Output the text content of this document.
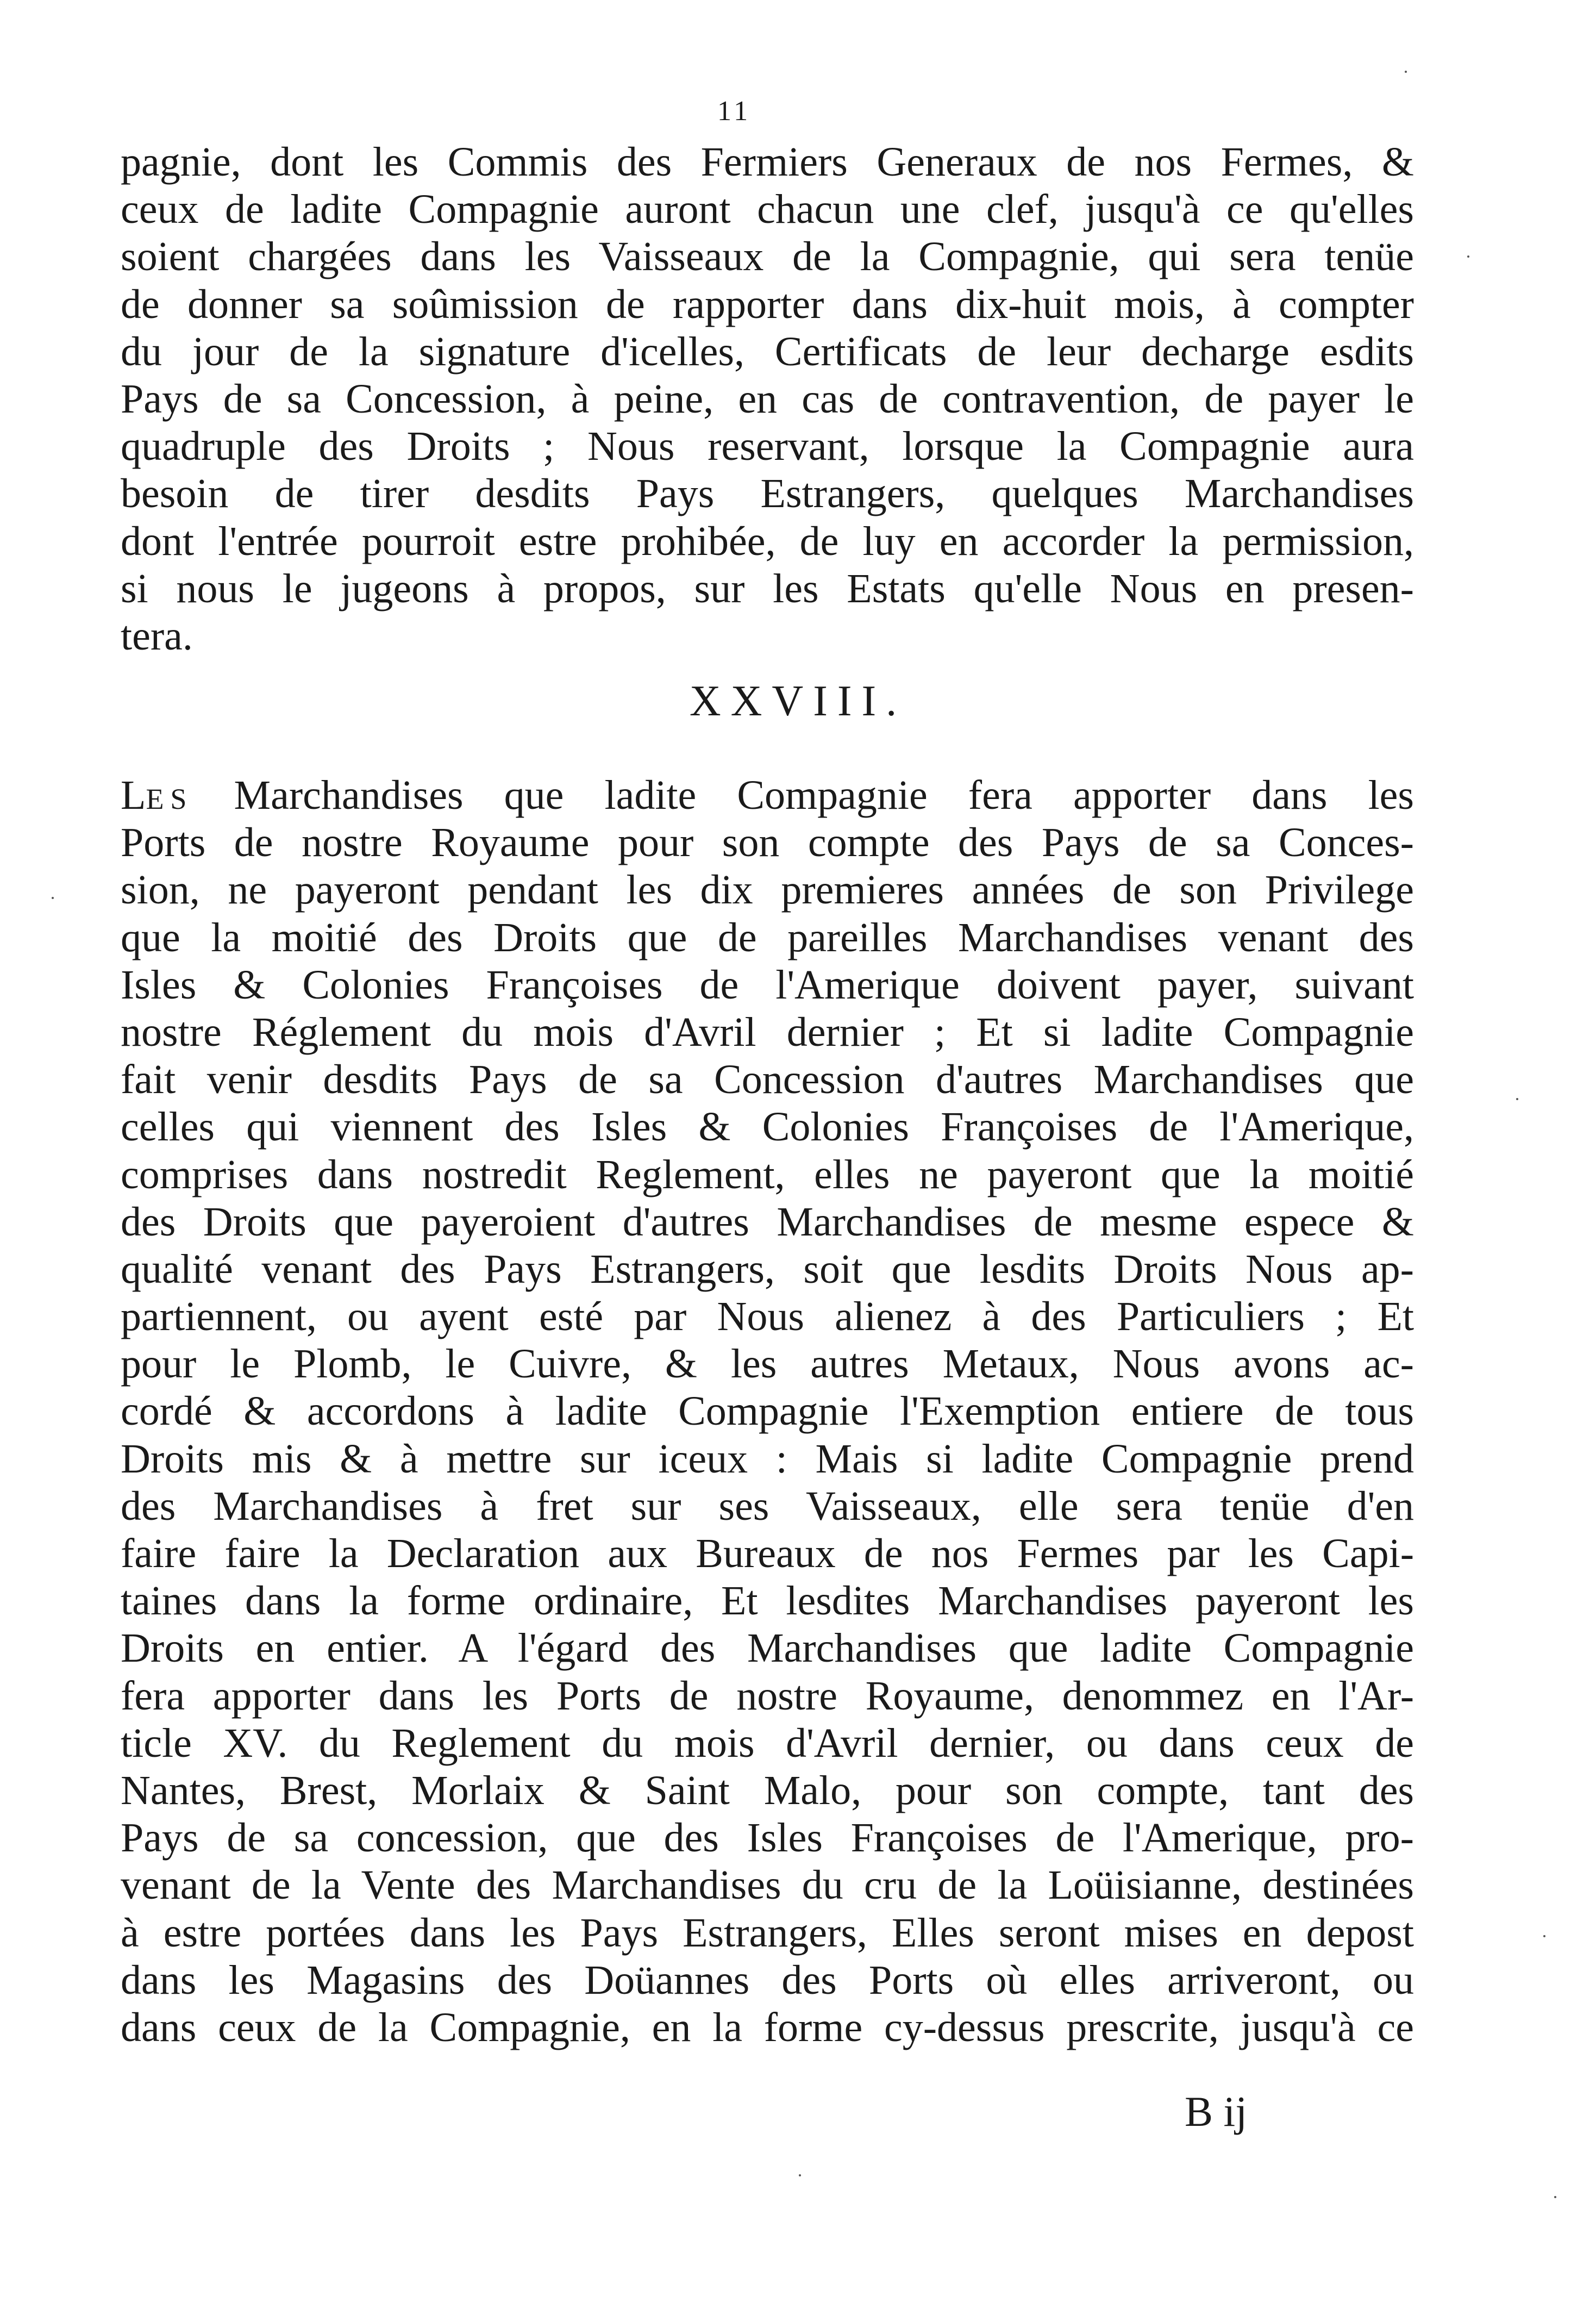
11
pagnie, dont les Commis des Fermiers Generaux de nos Fermes, &
ceux de ladite Compagnie auront chacun une clef, jusqu'à ce qu'elles
soient chargées dans les Vaisseaux de la Compagnie, qui sera tenüe
de donner sa soûmission de rapporter dans dix-huit mois, à compter
du jour de la signature d'icelles, Certificats de leur decharge esdits
Pays de sa Concession, à peine, en cas de contravention, de payer le
quadruple des Droits ; Nous reservant, lorsque la Compagnie aura
besoin de tirer desdits Pays Estrangers, quelques Marchandises
dont l'entrée pourroit estre prohibée, de luy en accorder la permission,
si nous le jugeons à propos, sur les Estats qu'elle Nous en presen-
tera.
XXVIII.
LES Marchandises que ladite Compagnie fera apporter dans les
Ports de nostre Royaume pour son compte des Pays de sa Conces-
sion, ne payeront pendant les dix premieres années de son Privilege
que la moitié des Droits que de pareilles Marchandises venant des
Isles & Colonies Françoises de l'Amerique doivent payer, suivant
nostre Réglement du mois d'Avril dernier ; Et si ladite Compagnie
fait venir desdits Pays de sa Concession d'autres Marchandises que
celles qui viennent des Isles & Colonies Françoises de l'Amerique,
comprises dans nostredit Reglement, elles ne payeront que la moitié
des Droits que payeroient d'autres Marchandises de mesme espece &
qualité venant des Pays Estrangers, soit que lesdits Droits Nous ap-
partiennent, ou ayent esté par Nous alienez à des Particuliers ; Et
pour le Plomb, le Cuivre, & les autres Metaux, Nous avons ac-
cordé & accordons à ladite Compagnie l'Exemption entiere de tous
Droits mis & à mettre sur iceux : Mais si ladite Compagnie prend
des Marchandises à fret sur ses Vaisseaux, elle sera tenüe d'en
faire faire la Declaration aux Bureaux de nos Fermes par les Capi-
taines dans la forme ordinaire, Et lesdites Marchandises payeront les
Droits en entier. A l'égard des Marchandises que ladite Compagnie
fera apporter dans les Ports de nostre Royaume, denommez en l'Ar-
ticle XV. du Reglement du mois d'Avril dernier, ou dans ceux de
Nantes, Brest, Morlaix & Saint Malo, pour son compte, tant des
Pays de sa concession, que des Isles Françoises de l'Amerique, pro-
venant de la Vente des Marchandises du cru de la Loüisianne, destinées
à estre portées dans les Pays Estrangers, Elles seront mises en depost
dans les Magasins des Doüannes des Ports où elles arriveront, ou
dans ceux de la Compagnie, en la forme cy-dessus prescrite, jusqu'à ce
B ij
